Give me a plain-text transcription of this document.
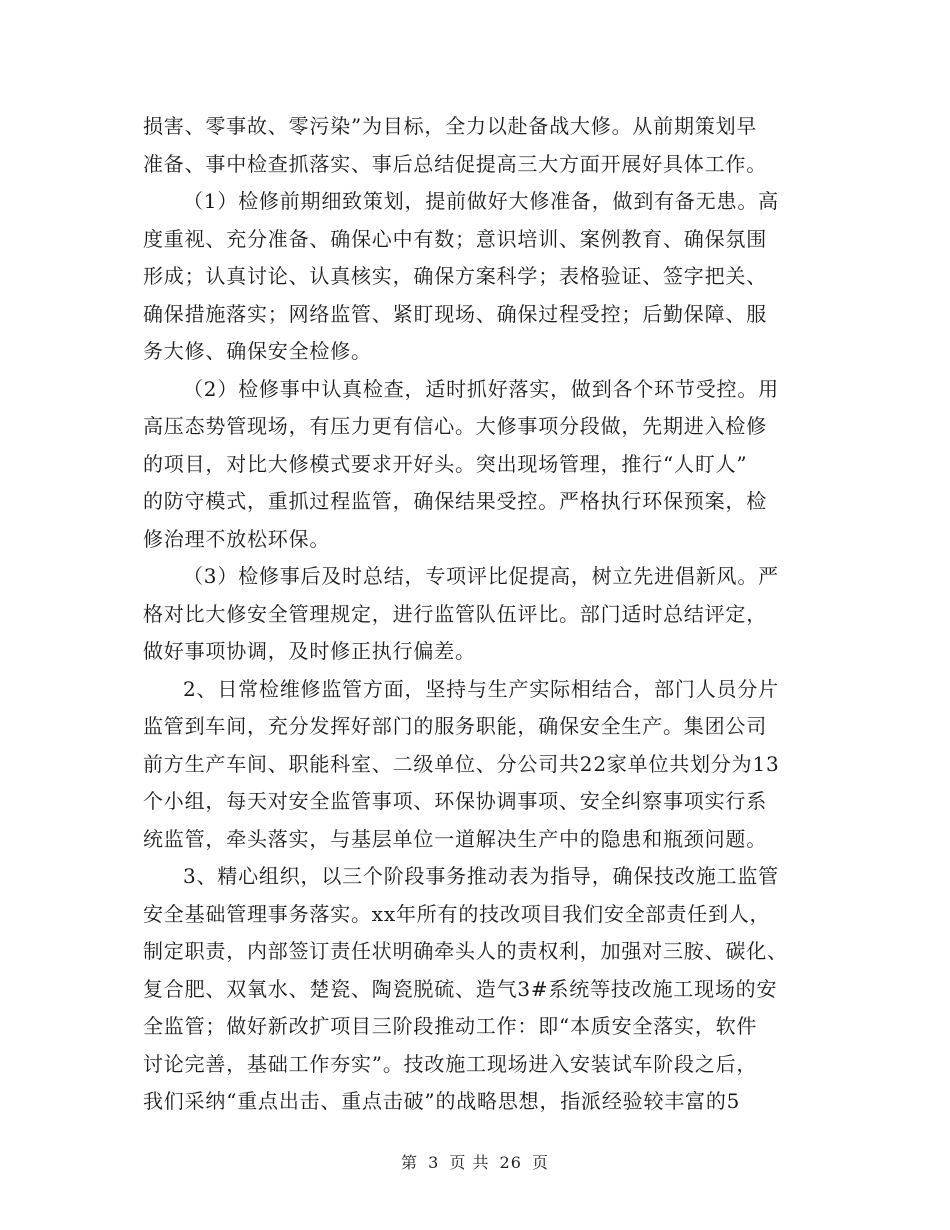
损害、零事故、零污染”为目标，全力以赴备战大修。从前期策划早
准备、事中检查抓落实、事后总结促提高三大方面开展好具体工作。
（1）检修前期细致策划，提前做好大修准备，做到有备无患。高
度重视、充分准备、确保心中有数；意识培训、案例教育、确保氛围
形成；认真讨论、认真核实，确保方案科学；表格验证、签字把关、
确保措施落实；网络监管、紧盯现场、确保过程受控；后勤保障、服
务大修、确保安全检修。
（2）检修事中认真检查，适时抓好落实，做到各个环节受控。用
高压态势管现场，有压力更有信心。大修事项分段做，先期进入检修
的项目，对比大修模式要求开好头。突出现场管理，推行“人盯人”
的防守模式，重抓过程监管，确保结果受控。严格执行环保预案，检
修治理不放松环保。
（3）检修事后及时总结，专项评比促提高，树立先进倡新风。严
格对比大修安全管理规定，进行监管队伍评比。部门适时总结评定，
做好事项协调，及时修正执行偏差。
2、日常检维修监管方面，坚持与生产实际相结合，部门人员分片
监管到车间，充分发挥好部门的服务职能，确保安全生产。集团公司
前方生产车间、职能科室、二级单位、分公司共22家单位共划分为13
个小组，每天对安全监管事项、环保协调事项、安全纠察事项实行系
统监管，牵头落实，与基层单位一道解决生产中的隐患和瓶颈问题。
3、精心组织，以三个阶段事务推动表为指导，确保技改施工监管
安全基础管理事务落实。xx年所有的技改项目我们安全部责任到人，
制定职责，内部签订责任状明确牵头人的责权利，加强对三胺、碳化、
复合肥、双氧水、楚瓷、陶瓷脱硫、造气3#系统等技改施工现场的安
全监管；做好新改扩项目三阶段推动工作：即“本质安全落实，软件
讨论完善，基础工作夯实”。技改施工现场进入安装试车阶段之后，
我们采纳“重点出击、重点击破”的战略思想，指派经验较丰富的5
第 3 页 共 26 页
